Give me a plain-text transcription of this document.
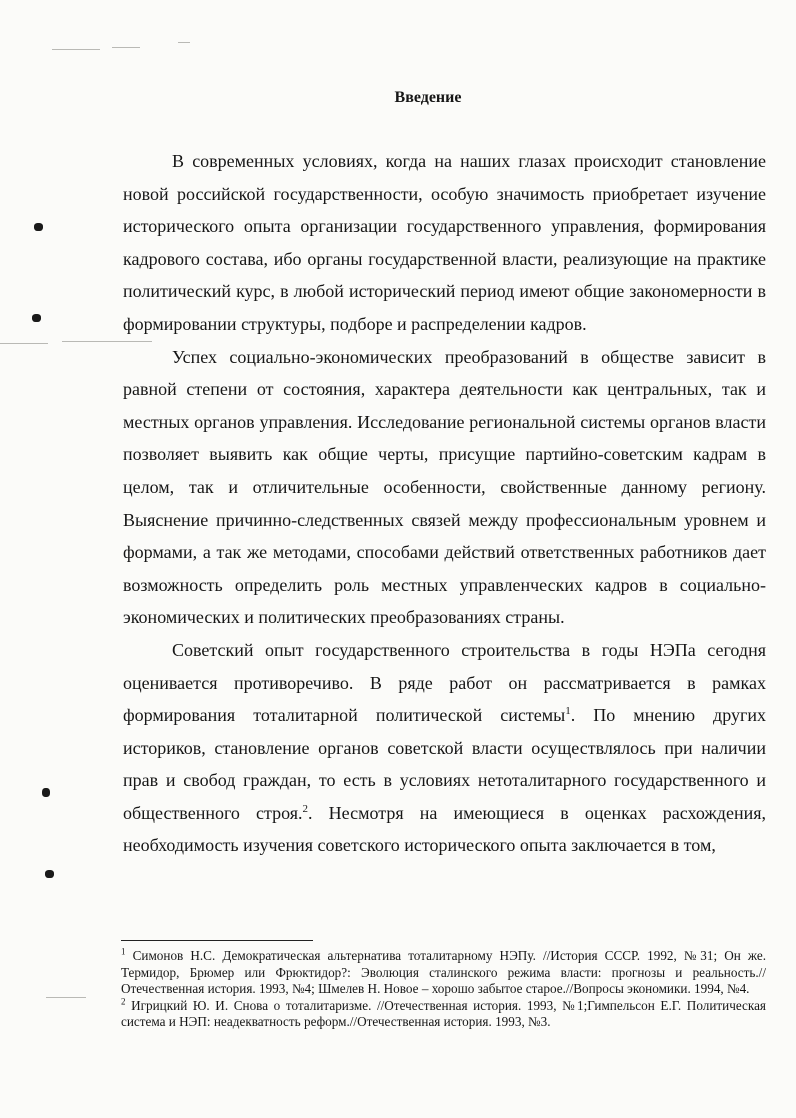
Введение

В современных условиях, когда на наших глазах происходит становление новой российской государственности, особую значимость приобретает изучение исторического опыта организации государственного управления, формирования кадрового состава, ибо органы государственной власти, реализующие на практике политический курс, в любой исторический период имеют общие закономерности в формировании структуры, подборе и распределении кадров.

Успех социально-экономических преобразований в обществе зависит в равной степени от состояния, характера деятельности как центральных, так и местных органов управления. Исследование региональной системы органов власти позволяет выявить как общие черты, присущие партийно-советским кадрам в целом, так и отличительные особенности, свойственные данному региону. Выяснение причинно-следственных связей между профессиональным уровнем и формами, а так же методами, способами действий ответственных работников дает возможность определить роль местных управленческих кадров в социально-экономических и политических преобразованиях страны.

Советский опыт государственного строительства в годы НЭПа сегодня оценивается противоречиво. В ряде работ он рассматривается в рамках формирования тоталитарной политической системы$^1$. По мнению других историков, становление органов советской власти осуществлялось при наличии прав и свобод граждан, то есть в условиях нетоталитарного государственного и общественного строя.$^2$. Несмотря на имеющиеся в оценках расхождения, необходимость изучения советского исторического опыта заключается в том,

$^1$ Симонов Н.С. Демократическая альтернатива тоталитарному НЭПу. //История СССР. 1992, №31; Он же. Термидор, Брюмер или Фрюктидор?: Эволюция сталинского режима власти: прогнозы и реальность.//Отечественная история. 1993, №4; Шмелев Н. Новое – хорошо забытое старое.//Вопросы экономики. 1994, №4.

$^2$ Игрицкий Ю. И. Снова о тоталитаризме. //Отечественная история. 1993, №1;Гимпельсон Е.Г. Политическая система и НЭП: неадекватность реформ.//Отечественная история. 1993, №3.
